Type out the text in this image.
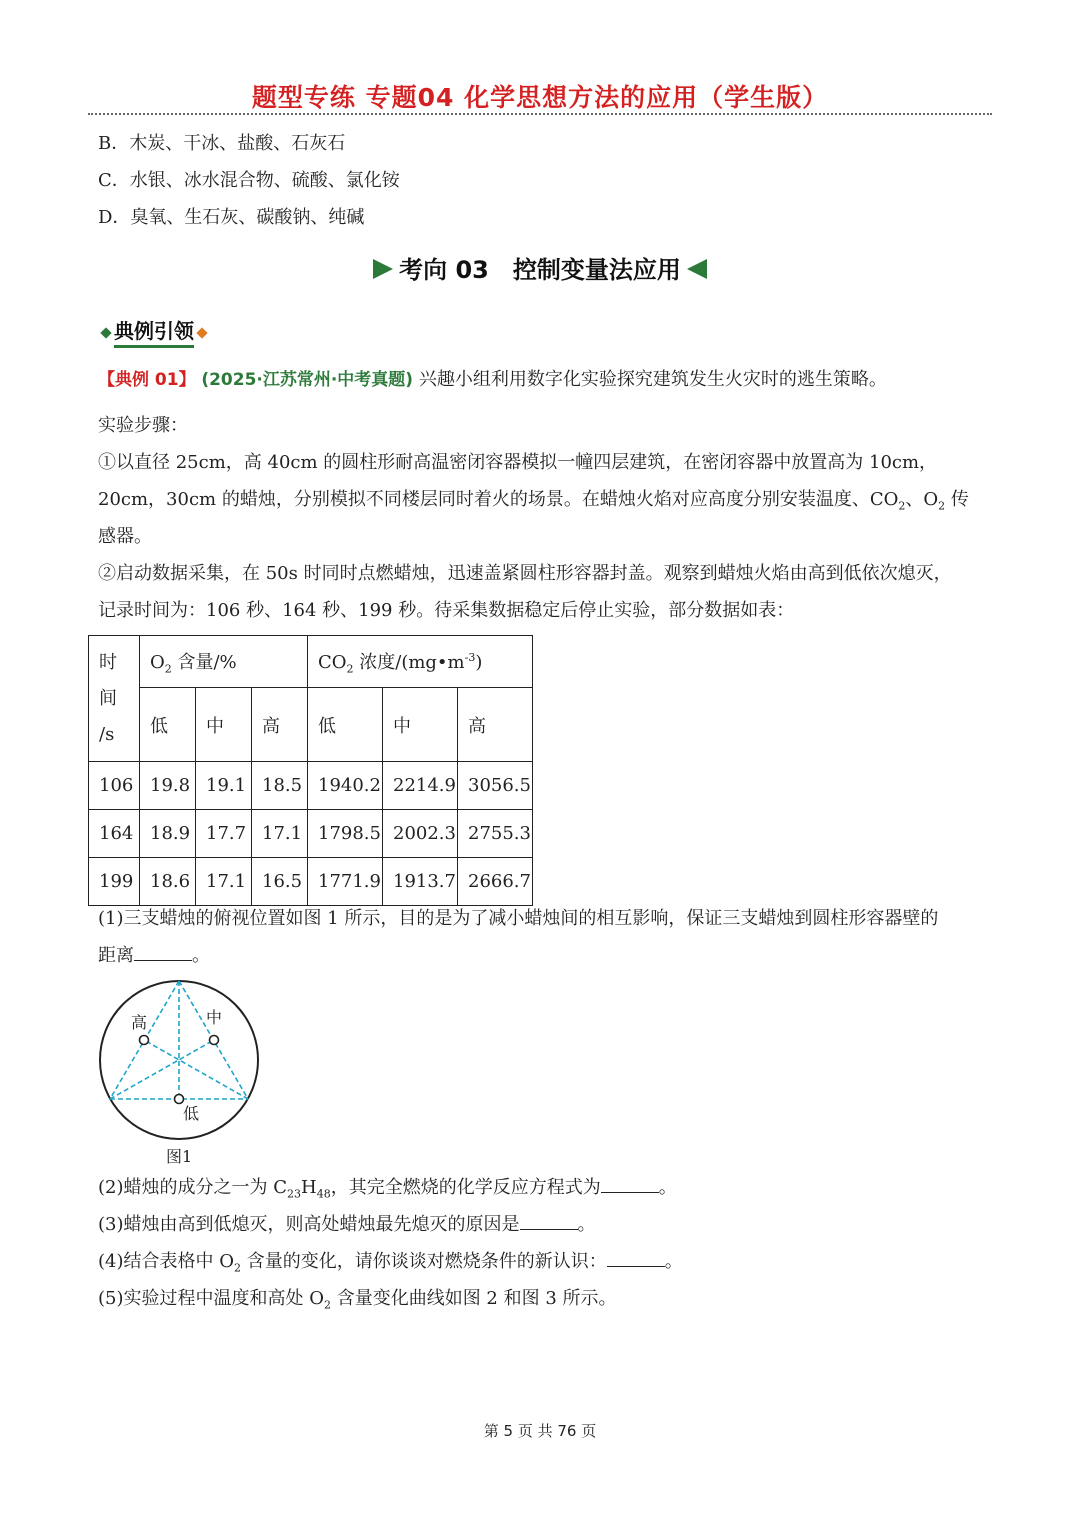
题型专练 专题04 化学思想方法的应用（学生版）
B．木炭、干冰、盐酸、石灰石
C．水银、冰水混合物、硫酸、氯化铵
D．臭氧、生石灰、碳酸钠、纯碱
考向 03　控制变量法应用
典例引领
【典例 01】 (2025·江苏常州·中考真题) 兴趣小组利用数字化实验探究建筑发生火灾时的逃生策略。
实验步骤：
①以直径 25cm，高 40cm 的圆柱形耐高温密闭容器模拟一幢四层建筑，在密闭容器中放置高为 10cm，
20cm，30cm 的蜡烛，分别模拟不同楼层同时着火的场景。在蜡烛火焰对应高度分别安装温度、$CO_2$、$O_2$ 传
感器。
②启动数据采集，在 50s 时同时点燃蜡烛，迅速盖紧圆柱形容器封盖。观察到蜡烛火焰由高到低依次熄灭，
记录时间为：106 秒、164 秒、199 秒。待采集数据稳定后停止实验，部分数据如表：
时
间
/s	$O_2$ 含量/%			$CO_2$ 浓度$/(mg•m^{-3})$		
	低	中	高	低	中	高
106	19.8	19.1	18.5	1940.2	2214.9	3056.5
164	18.9	17.7	17.1	1798.5	2002.3	2755.3
199	18.6	17.1	16.5	1771.9	1913.7	2666.7
(1)三支蜡烛的俯视位置如图 1 所示，目的是为了减小蜡烛间的相互影响，保证三支蜡烛到圆柱形容器壁的
距离	。
高	中
低
图1
(2)蜡烛的成分之一为 $C_{23}H_{48}$，其完全燃烧的化学反应方程式为	。
(3)蜡烛由高到低熄灭，则高处蜡烛最先熄灭的原因是	。
(4)结合表格中 $O_2$ 含量的变化，请你谈谈对燃烧条件的新认识：	。
(5)实验过程中温度和高处 $O_2$ 含量变化曲线如图 2 和图 3 所示。
第 5 页 共 76 页
